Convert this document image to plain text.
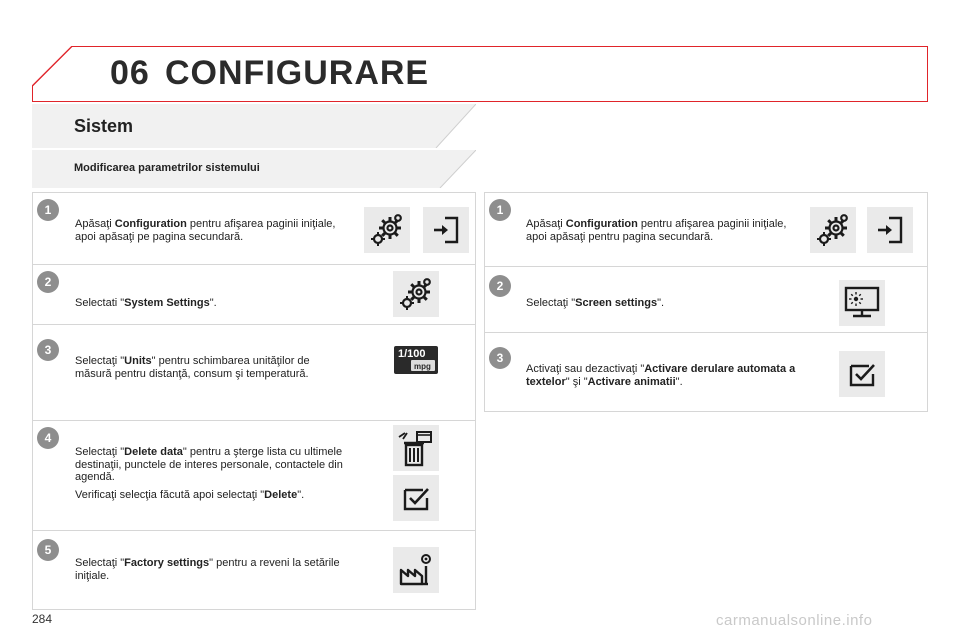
06 CONFIGURARE
Sistem
Modificarea parametrilor sistemului
1
Apăsaţi Configuration pentru afişarea paginii iniţiale, apoi apăsaţi pe pagina secundară.
2
Selectati "System Settings".
3
Selectaţi "Units" pentru schimbarea unităţilor de măsură pentru distanţă, consum şi temperatură.
1/100
mpg
4

Selectaţi "Delete data" pentru a şterge lista cu ultimele destinaţii, punctele de interes personale, contactele din agendă.

Verificaţi selecţia făcută apoi selectaţi "Delete".

5
Selectaţi "Factory settings" pentru a reveni la setările iniţiale.
1
Apăsaţi Configuration pentru afişarea paginii iniţiale, apoi apăsaţi pentru pagina secundară.
2
Selectaţi "Screen settings".
3
Activaţi sau dezactivaţi "Activare derulare automata a textelor" şi "Activare animatii".
284	carmanualsonline.info
